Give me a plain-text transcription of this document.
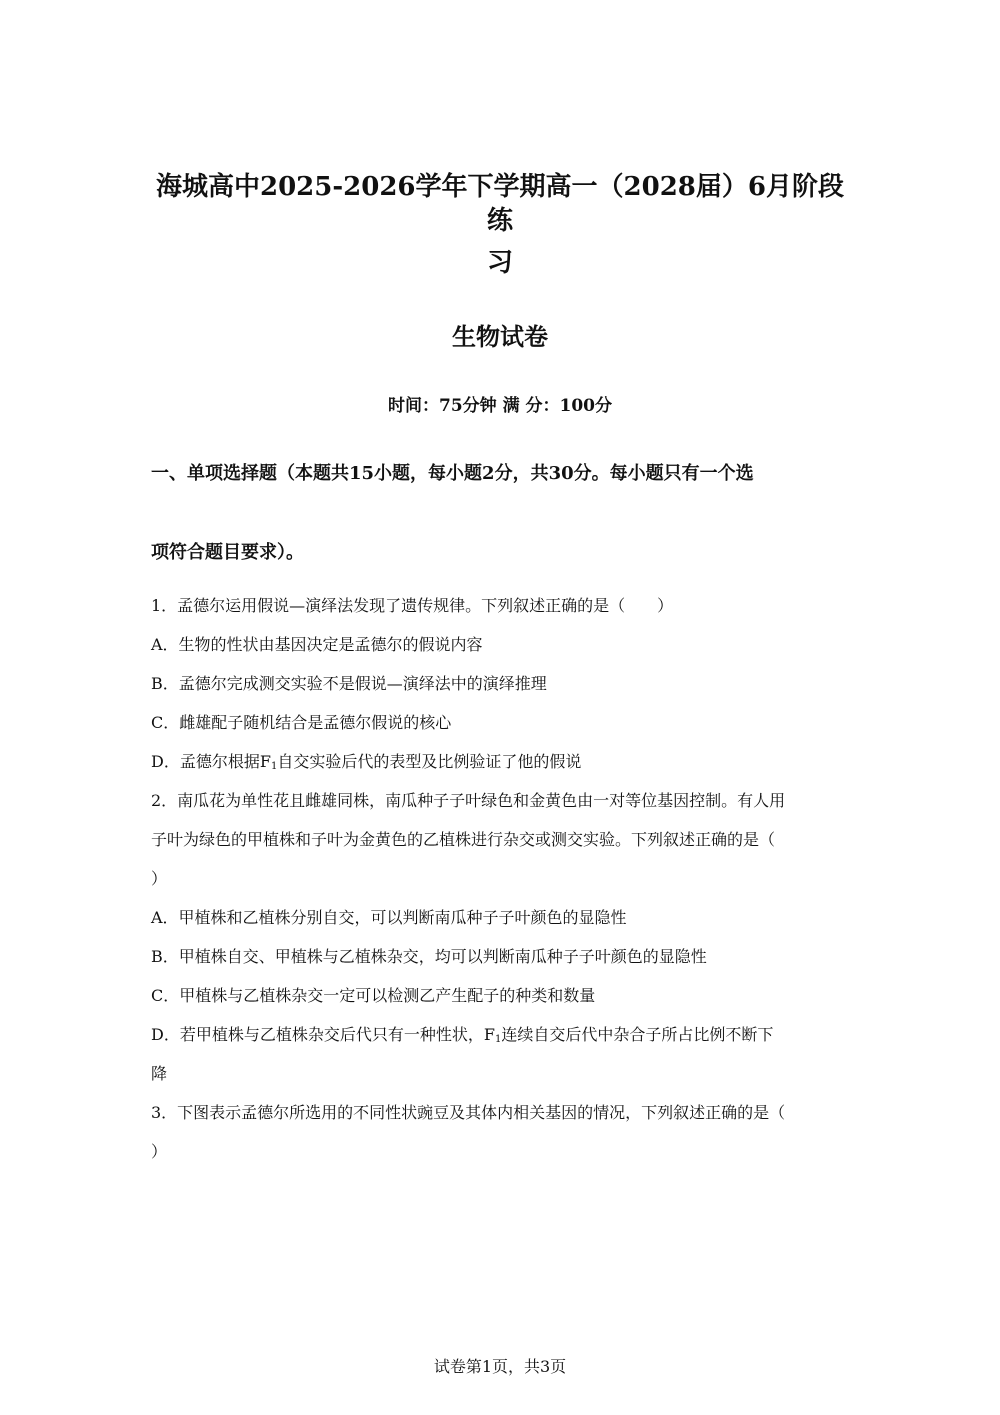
海城高中2025-2026学年下学期高一（2028届）6月阶段练
习
生物试卷
时间：75分钟 满 分：100分
一、单项选择题（本题共15小题，每小题2分，共30分。每小题只有一个选
项符合题目要求）。
1．孟德尔运用假说—演绎法发现了遗传规律。下列叙述正确的是（　　）
A．生物的性状由基因决定是孟德尔的假说内容
B．孟德尔完成测交实验不是假说—演绎法中的演绎推理
C．雌雄配子随机结合是孟德尔假说的核心
D．孟德尔根据$F_1$自交实验后代的表型及比例验证了他的假说
2．南瓜花为单性花且雌雄同株，南瓜种子子叶绿色和金黄色由一对等位基因控制。有人用
子叶为绿色的甲植株和子叶为金黄色的乙植株进行杂交或测交实验。下列叙述正确的是（
）
A．甲植株和乙植株分别自交，可以判断南瓜种子子叶颜色的显隐性
B．甲植株自交、甲植株与乙植株杂交，均可以判断南瓜种子子叶颜色的显隐性
C．甲植株与乙植株杂交一定可以检测乙产生配子的种类和数量
D．若甲植株与乙植株杂交后代只有一种性状，$F_1$连续自交后代中杂合子所占比例不断下
降
3．下图表示孟德尔所选用的不同性状豌豆及其体内相关基因的情况，下列叙述正确的是（
）
试卷第1页，共3页
